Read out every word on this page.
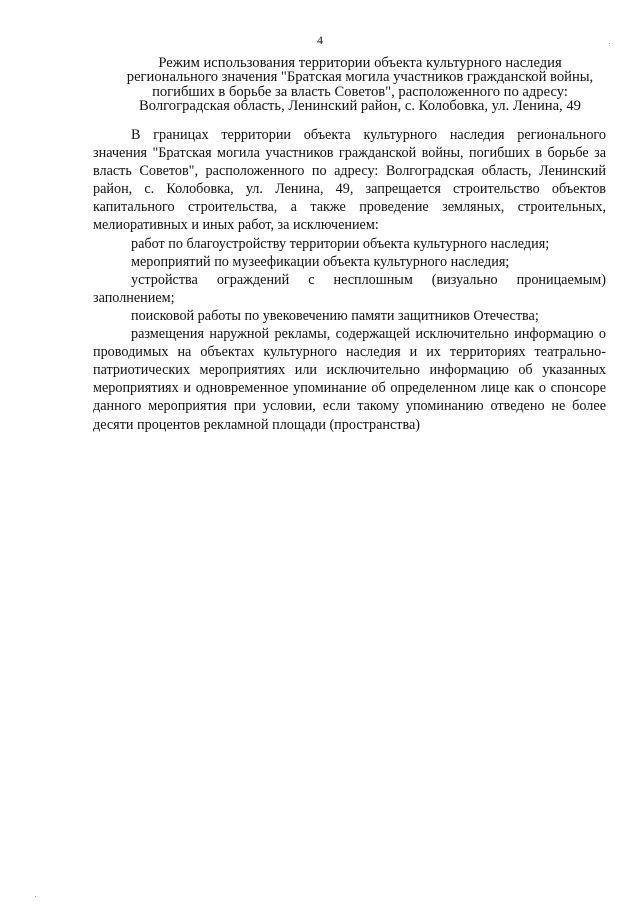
4
Режим использования территории объекта культурного наследия
регионального значения "Братская могила участников гражданской войны,
погибших в борьбе за власть Советов", расположенного по адресу:
Волгоградская область, Ленинский район, с. Колобовка, ул. Ленина, 49

В границах территории объекта культурного наследия регионального значения "Братская могила участников гражданской войны, погибших в борьбе за власть Советов", расположенного по адресу: Волгоградская область, Ленинский район, с. Колобовка, ул. Ленина, 49, запрещается строительство объектов капитального строительства, а также проведение земляных, строительных, мелиоративных и иных работ, за исключением:

работ по благоустройству территории объекта культурного наследия;

мероприятий по музеефикации объекта культурного наследия;

устройства ограждений с несплошным (визуально проницаемым) заполнением;

поисковой работы по увековечению памяти защитников Отечества;

размещения наружной рекламы, содержащей исключительно информацию о проводимых на объектах культурного наследия и их территориях театрально-патриотических мероприятиях или исключительно информацию об указанных мероприятиях и одновременное упоминание об определенном лице как о спонсоре данного мероприятия при условии, если такому упоминанию отведено не более десяти процентов рекламной площади (пространства)
